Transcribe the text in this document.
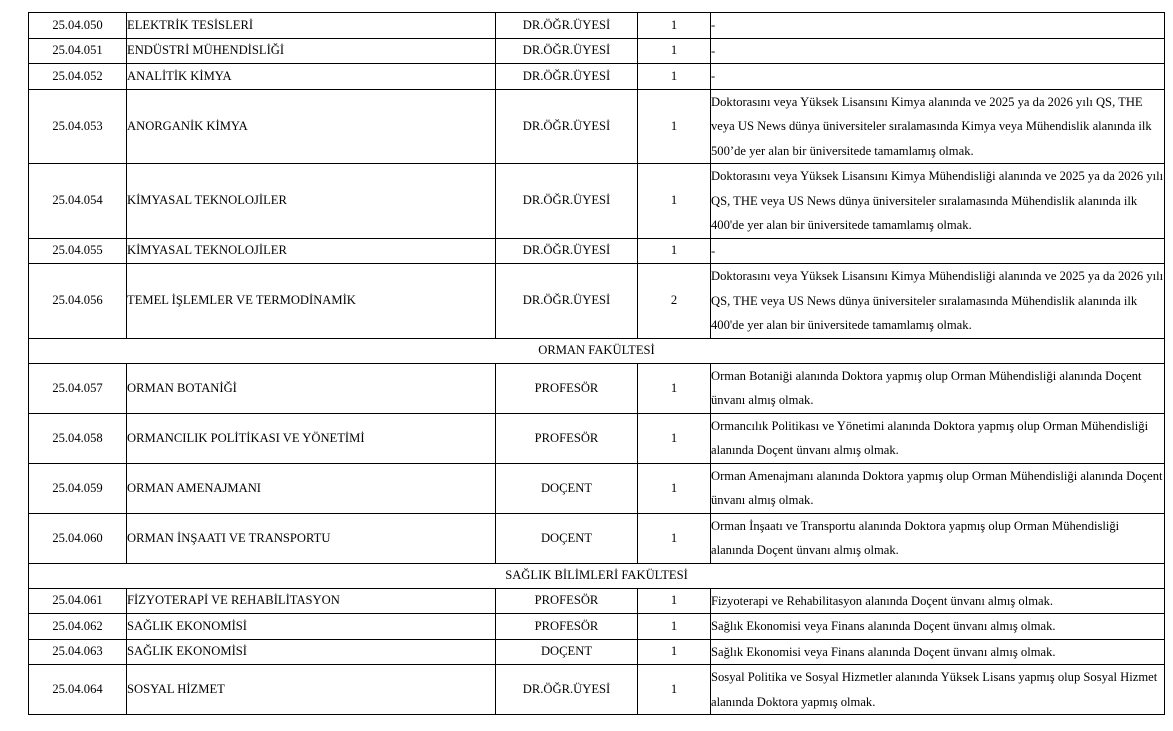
25.04.050	ELEKTRİK TESİSLERİ	DR.ÖĞR.ÜYESİ	1	-
25.04.051	ENDÜSTRİ MÜHENDİSLİĞİ	DR.ÖĞR.ÜYESİ	1	-
25.04.052	ANALİTİK KİMYA	DR.ÖĞR.ÜYESİ	1	-
25.04.053	ANORGANİK KİMYA	DR.ÖĞR.ÜYESİ	1	Doktorasını veya Yüksek Lisansını Kimya alanında ve 2025 ya da 2026 yılı QS, THE veya US News dünya üniversiteler sıralamasında Kimya veya Mühendislik alanında ilk 500’de yer alan bir üniversitede tamamlamış olmak.
25.04.054	KİMYASAL TEKNOLOJİLER	DR.ÖĞR.ÜYESİ	1	Doktorasını veya Yüksek Lisansını Kimya Mühendisliği alanında ve 2025 ya da 2026 yılı QS, THE veya US News dünya üniversiteler sıralamasında Mühendislik alanında ilk 400'de yer alan bir üniversitede tamamlamış olmak.
25.04.055	KİMYASAL TEKNOLOJİLER	DR.ÖĞR.ÜYESİ	1	-
25.04.056	TEMEL İŞLEMLER VE TERMODİNAMİK	DR.ÖĞR.ÜYESİ	2	Doktorasını veya Yüksek Lisansını Kimya Mühendisliği alanında ve 2025 ya da 2026 yılı QS, THE veya US News dünya üniversiteler sıralamasında Mühendislik alanında ilk 400'de yer alan bir üniversitede tamamlamış olmak.
ORMAN FAKÜLTESİ				
25.04.057	ORMAN BOTANİĞİ	PROFESÖR	1	Orman Botaniği alanında Doktora yapmış olup Orman Mühendisliği alanında Doçent ünvanı almış olmak.
25.04.058	ORMANCILIK POLİTİKASI VE YÖNETİMİ	PROFESÖR	1	Ormancılık Politikası ve Yönetimi alanında Doktora yapmış olup Orman Mühendisliği alanında Doçent ünvanı almış olmak.
25.04.059	ORMAN AMENAJMANI	DOÇENT	1	Orman Amenajmanı alanında Doktora yapmış olup Orman Mühendisliği alanında Doçent ünvanı almış olmak.
25.04.060	ORMAN İNŞAATI VE TRANSPORTU	DOÇENT	1	Orman İnşaatı ve Transportu alanında Doktora yapmış olup Orman Mühendisliği alanında Doçent ünvanı almış olmak.
SAĞLIK BİLİMLERİ FAKÜLTESİ				
25.04.061	FİZYOTERAPİ VE REHABİLİTASYON	PROFESÖR	1	Fizyoterapi ve Rehabilitasyon alanında Doçent ünvanı almış olmak.
25.04.062	SAĞLIK EKONOMİSİ	PROFESÖR	1	Sağlık Ekonomisi veya Finans alanında Doçent ünvanı almış olmak.
25.04.063	SAĞLIK EKONOMİSİ	DOÇENT	1	Sağlık Ekonomisi veya Finans alanında Doçent ünvanı almış olmak.
25.04.064	SOSYAL HİZMET	DR.ÖĞR.ÜYESİ	1	Sosyal Politika ve Sosyal Hizmetler alanında Yüksek Lisans yapmış olup Sosyal Hizmet alanında Doktora yapmış olmak.
